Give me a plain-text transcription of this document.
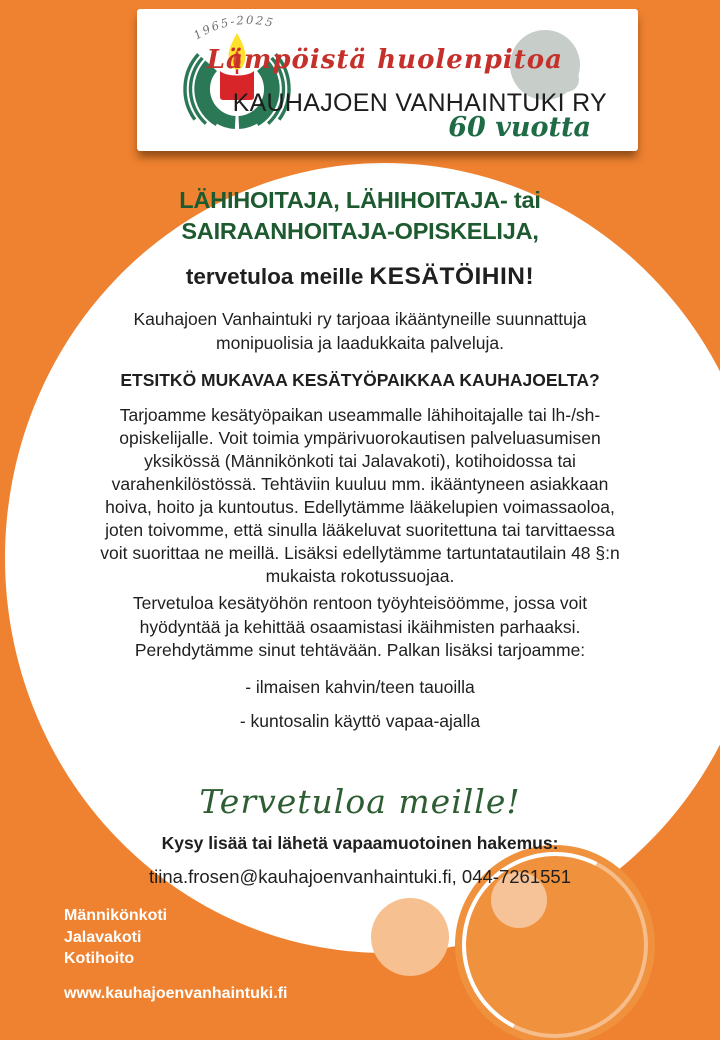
1965-2025
Lämpöistä huolenpitoa
KAUHAJOEN VANHAINTUKI RY
60 vuotta
LÄHIHOITAJA, LÄHIHOITAJA- tai
SAIRAANHOITAJA-OPISKELIJA,
tervetuloa meille KESÄTÖIHIN!
Kauhajoen Vanhaintuki ry tarjoaa ikääntyneille suunnattuja
monipuolisia ja laadukkaita palveluja.
ETSITKÖ MUKAVAA KESÄTYÖPAIKKAA KAUHAJOELTA?
Tarjoamme kesätyöpaikan useammalle lähihoitajalle tai lh-/sh-
opiskelijalle. Voit toimia ympärivuorokautisen palveluasumisen
yksikössä (Männikönkoti tai Jalavakoti), kotihoidossa tai
varahenkilöstössä. Tehtäviin kuuluu mm. ikääntyneen asiakkaan
hoiva, hoito ja kuntoutus. Edellytämme lääkelupien voimassaoloa,
joten toivomme, että sinulla lääkeluvat suoritettuna tai tarvittaessa
voit suorittaa ne meillä. Lisäksi edellytämme tartuntatautilain 48 §:n
mukaista rokotussuojaa.
Tervetuloa kesätyöhön rentoon työyhteisöömme, jossa voit
hyödyntää ja kehittää osaamistasi ikäihmisten parhaaksi.
Perehdytämme sinut tehtävään. Palkan lisäksi tarjoamme:
- ilmaisen kahvin/teen tauoilla
- kuntosalin käyttö vapaa-ajalla
Tervetuloa meille!
Kysy lisää tai lähetä vapaamuotoinen hakemus:
tiina.frosen@kauhajoenvanhaintuki.fi, 044-7261551
Männikönkoti
Jalavakoti
Kotihoito
www.kauhajoenvanhaintuki.fi
